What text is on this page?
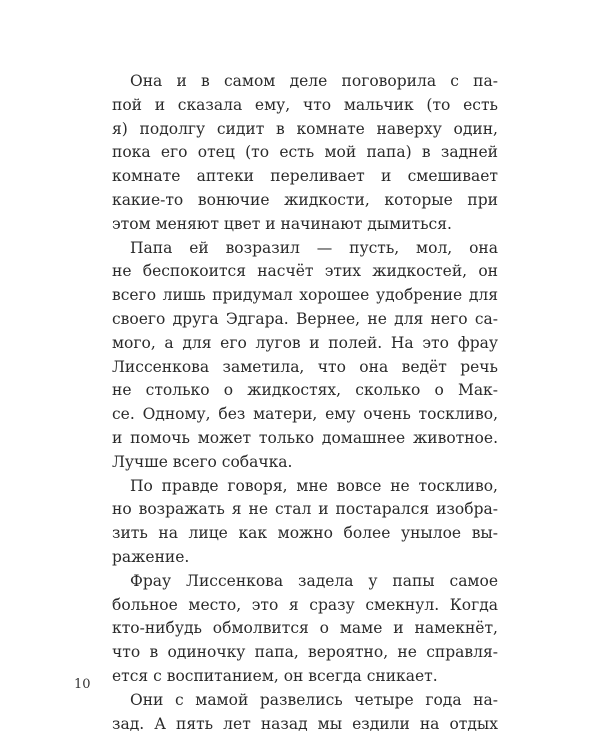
Она и в самом деле поговорила с па-
пой и сказала ему, что мальчик (то есть
я) подолгу сидит в комнате наверху один,
пока его отец (то есть мой папа) в задней
комнате аптеки переливает и смешивает
какие-то вонючие жидкости, которые при
этом меняют цвет и начинают дымиться.
Папа ей возразил — пусть, мол, она
не беспокоится насчёт этих жидкостей, он
всего лишь придумал хорошее удобрение для
своего друга Эдгара. Вернее, не для него са-
мого, а для его лугов и полей. На это фрау
Лиссенкова заметила, что она ведёт речь
не столько о жидкостях, сколько о Мак-
се. Одному, без матери, ему очень тоскливо,
и помочь может только домашнее животное.
Лучше всего собачка.
По правде говоря, мне вовсе не тоскливо,
но возражать я не стал и постарался изобра-
зить на лице как можно более унылое вы-
ражение.
Фрау Лиссенкова задела у папы самое
больное место, это я сразу смекнул. Когда
кто-нибудь обмолвится о маме и намекнёт,
что в одиночку папа, вероятно, не справля-
ется с воспитанием, он всегда сникает.
Они с мамой развелись четыре года на-
зад. А пять лет назад мы ездили на отдых
10
